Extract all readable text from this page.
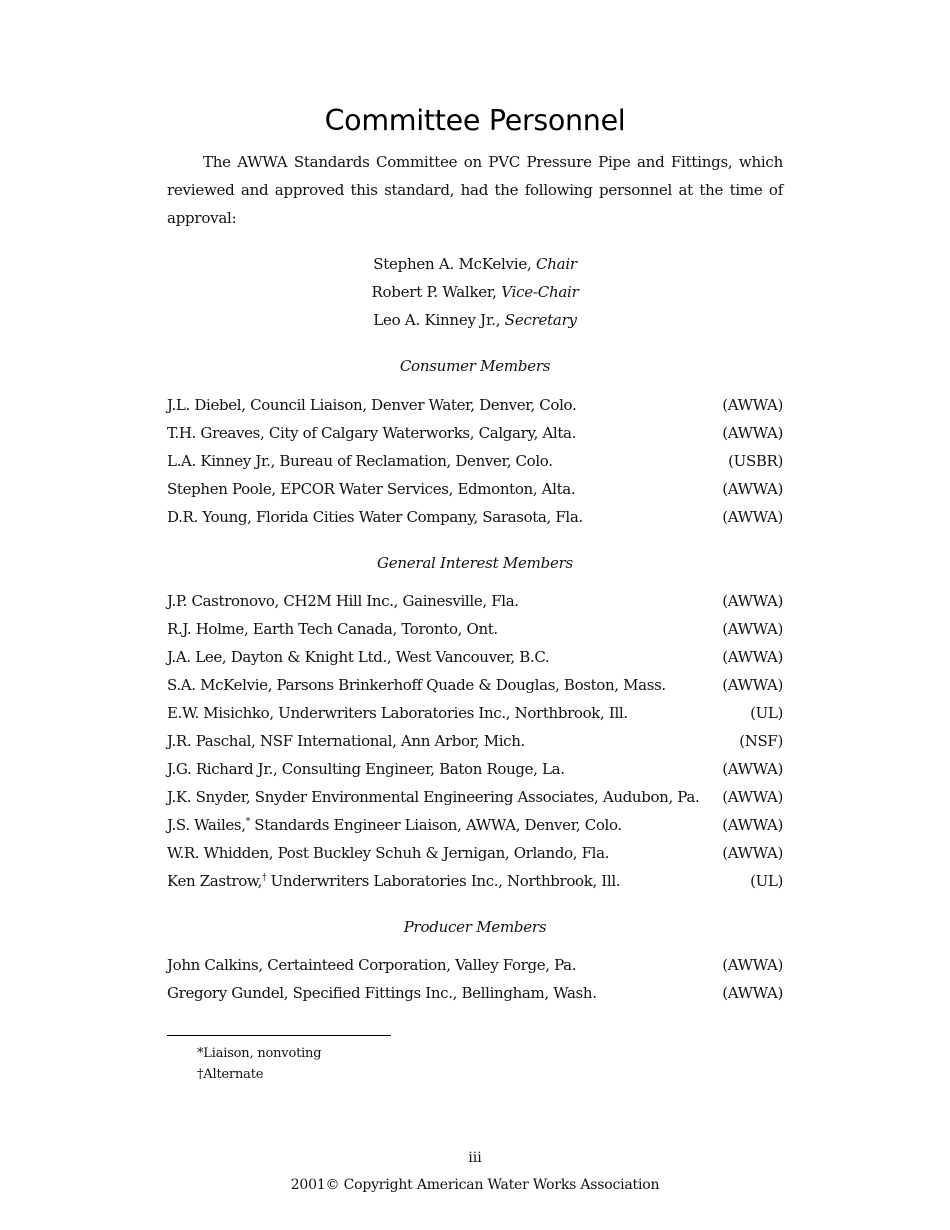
Committee Personnel

The AWWA Standards Committee on PVC Pressure Pipe and Fittings, which reviewed and approved this standard, had the following personnel at the time of approval:

Stephen A. McKelvie, Chair
Robert P. Walker, Vice-Chair
Leo A. Kinney Jr., Secretary
Consumer Members
J.L. Diebel, Council Liaison, Denver Water, Denver, Colo.	(AWWA)
T.H. Greaves, City of Calgary Waterworks, Calgary, Alta.	(AWWA)
L.A. Kinney Jr., Bureau of Reclamation, Denver, Colo.	(USBR)
Stephen Poole, EPCOR Water Services, Edmonton, Alta.	(AWWA)
D.R. Young, Florida Cities Water Company, Sarasota, Fla.	(AWWA)
General Interest Members
J.P. Castronovo, CH2M Hill Inc., Gainesville, Fla.	(AWWA)
R.J. Holme, Earth Tech Canada, Toronto, Ont.	(AWWA)
J.A. Lee, Dayton & Knight Ltd., West Vancouver, B.C.	(AWWA)
S.A. McKelvie, Parsons Brinkerhoff Quade & Douglas, Boston, Mass.	(AWWA)
E.W. Misichko, Underwriters Laboratories Inc., Northbrook, Ill.	(UL)
J.R. Paschal, NSF International, Ann Arbor, Mich.	(NSF)
J.G. Richard Jr., Consulting Engineer, Baton Rouge, La.	(AWWA)
J.K. Snyder, Snyder Environmental Engineering Associates, Audubon, Pa. (AWWA)
J.S. Wailes,* Standards Engineer Liaison, AWWA, Denver, Colo.	(AWWA)
W.R. Whidden, Post Buckley Schuh & Jernigan, Orlando, Fla.	(AWWA)
Ken Zastrow,† Underwriters Laboratories Inc., Northbrook, Ill.	(UL)
Producer Members
John Calkins, Certainteed Corporation, Valley Forge, Pa.	(AWWA)
Gregory Gundel, Specified Fittings Inc., Bellingham, Wash.	(AWWA)
*Liaison, nonvoting
†Alternate
iii
2001© Copyright American Water Works Association
